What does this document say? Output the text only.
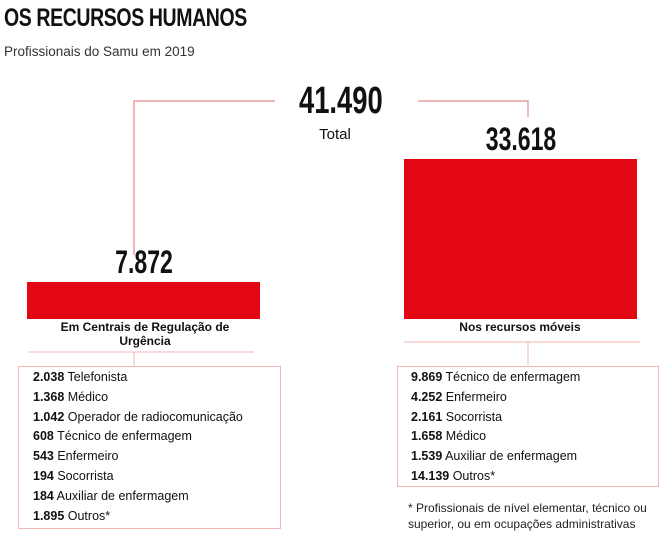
OS RECURSOS HUMANOS
Profissionais do Samu em 2019
41.490
Total
7.872
33.618
Em Centrais de Regulação de Urgência
Nos recursos móveis
2.038 Telefonista
1.368 Médico
1.042 Operador de radiocomunicação
608 Técnico de enfermagem
543 Enfermeiro
194 Socorrista
184 Auxiliar de enfermagem
1.895 Outros*
9.869 Técnico de enfermagem
4.252 Enfermeiro
2.161 Socorrista
1.658 Médico
1.539 Auxiliar de enfermagem
14.139 Outros*
* Profissionais de nível elementar, técnico ou superior, ou em ocupações administrativas
